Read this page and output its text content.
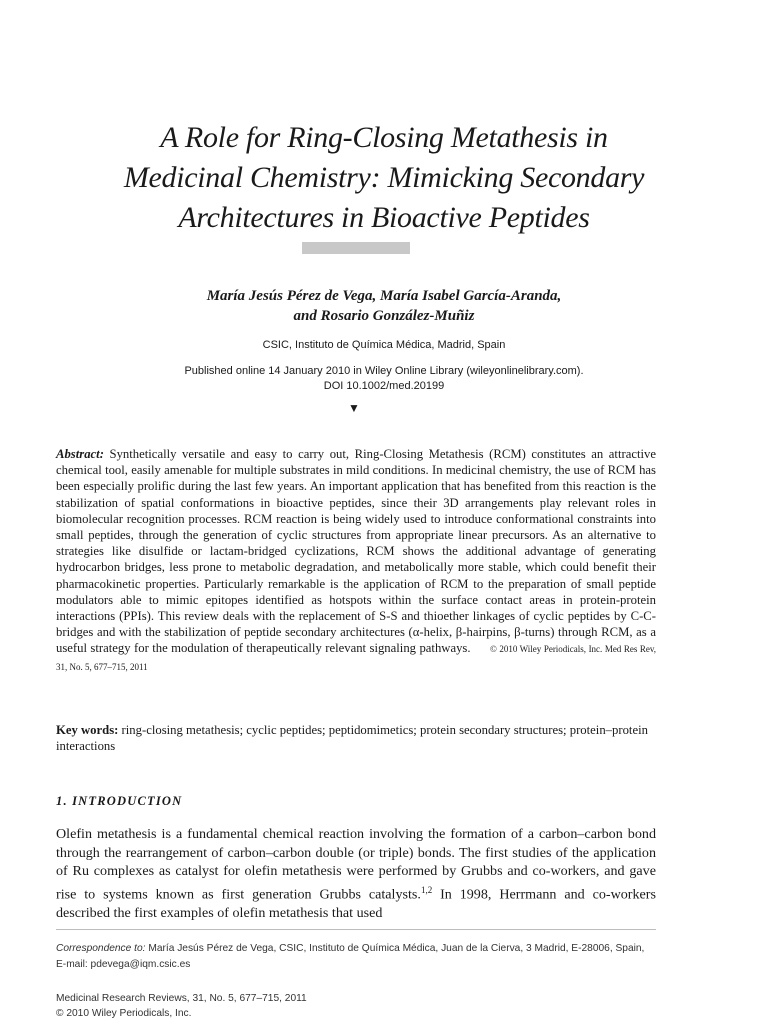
A Role for Ring-Closing Metathesis in
Medicinal Chemistry: Mimicking Secondary
Architectures in Bioactive Peptides
María Jesús Pérez de Vega, María Isabel García-Aranda,
and Rosario González-Muñiz
CSIC, Instituto de Química Médica, Madrid, Spain
Published online 14 January 2010 in Wiley Online Library (wileyonlinelibrary.com).
DOI 10.1002/med.20199
▼

Abstract: Synthetically versatile and easy to carry out, Ring-Closing Metathesis (RCM) constitutes an attractive chemical tool, easily amenable for multiple substrates in mild conditions. In medicinal chemistry, the use of RCM has been especially prolific during the last few years. An important application that has benefited from this reaction is the stabilization of spatial conformations in bioactive peptides, since their 3D arrangements play relevant roles in biomolecular recognition processes. RCM reaction is being widely used to introduce conformational constraints into small peptides, through the generation of cyclic structures from appropriate linear precursors. As an alternative to strategies like disulfide or lactam-bridged cyclizations, RCM shows the additional advantage of generating hydrocarbon bridges, less prone to metabolic degradation, and metabolically more stable, which could benefit their pharmacokinetic properties. Particularly remarkable is the application of RCM to the preparation of small peptide modulators able to mimic epitopes identified as hotspots within the surface contact areas in protein-protein interactions (PPIs). This review deals with the replacement of S-S and thioether linkages of cyclic peptides by C-C-bridges and with the stabilization of peptide secondary architectures (α-helix, β-hairpins, β-turns) through RCM, as a useful strategy for the modulation of therapeutically relevant signaling pathways. © 2010 Wiley Periodicals, Inc. Med Res Rev, 31, No. 5, 677–715, 2011

Key words: ring-closing metathesis; cyclic peptides; peptidomimetics; protein secondary structures; protein–protein interactions

1. INTRODUCTION

Olefin metathesis is a fundamental chemical reaction involving the formation of a carbon–carbon bond through the rearrangement of carbon–carbon double (or triple) bonds. The first studies of the application of Ru complexes as catalyst for olefin metathesis were performed by Grubbs and co-workers, and gave rise to systems known as first generation Grubbs catalysts.$^{1,2}$ In 1998, Herrmann and co-workers described the first examples of olefin metathesis that used

Correspondence to: María Jesús Pérez de Vega, CSIC, Instituto de Química Médica, Juan de la Cierva, 3 Madrid, E-28006, Spain,
E-mail: pdevega@iqm.csic.es
Medicinal Research Reviews, 31, No. 5, 677–715, 2011
© 2010 Wiley Periodicals, Inc.
